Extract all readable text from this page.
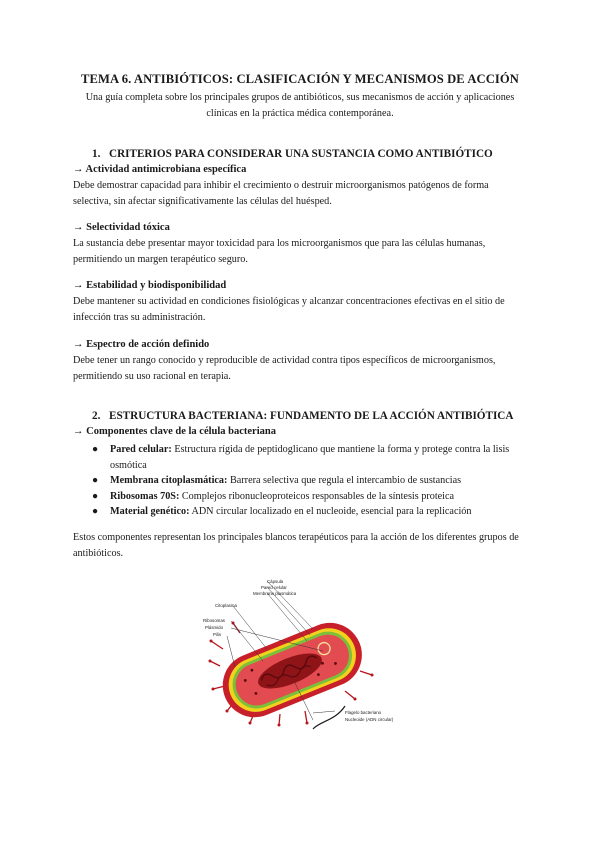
TEMA 6. ANTIBIÓTICOS: CLASIFICACIÓN Y MECANISMOS DE ACCIÓN
Una guía completa sobre los principales grupos de antibióticos, sus mecanismos de acción y aplicaciones clínicas en la práctica médica contemporánea.
1. CRITERIOS PARA CONSIDERAR UNA SUSTANCIA COMO ANTIBIÓTICO
→ Actividad antimicrobiana específica
Debe demostrar capacidad para inhibir el crecimiento o destruir microorganismos patógenos de forma selectiva, sin afectar significativamente las células del huésped.
→ Selectividad tóxica
La sustancia debe presentar mayor toxicidad para los microorganismos que para las células humanas, permitiendo un margen terapéutico seguro.
→ Estabilidad y biodisponibilidad
Debe mantener su actividad en condiciones fisiológicas y alcanzar concentraciones efectivas en el sitio de infección tras su administración.
→ Espectro de acción definido
Debe tener un rango conocido y reproducible de actividad contra tipos específicos de microorganismos, permitiendo su uso racional en terapia.
2. ESTRUCTURA BACTERIANA: FUNDAMENTO DE LA ACCIÓN ANTIBIÓTICA
→ Componentes clave de la célula bacteriana
● Pared celular: Estructura rígida de peptidoglicano que mantiene la forma y protege contra la lisis osmótica
● Membrana citoplasmática: Barrera selectiva que regula el intercambio de sustancias
● Ribosomas 70S: Complejos ribonucleoproteicos responsables de la síntesis proteica
● Material genético: ADN circular localizado en el nucleoide, esencial para la replicación
Estos componentes representan los principales blancos terapéuticos para la acción de los diferentes grupos de antibióticos.
Cápsula
Pared celular
Membrana plasmática
Citoplasma
Ribosomas
Plásmido
Pilis
Flagelo bacteriano
Nucleoide (ADN circular)
